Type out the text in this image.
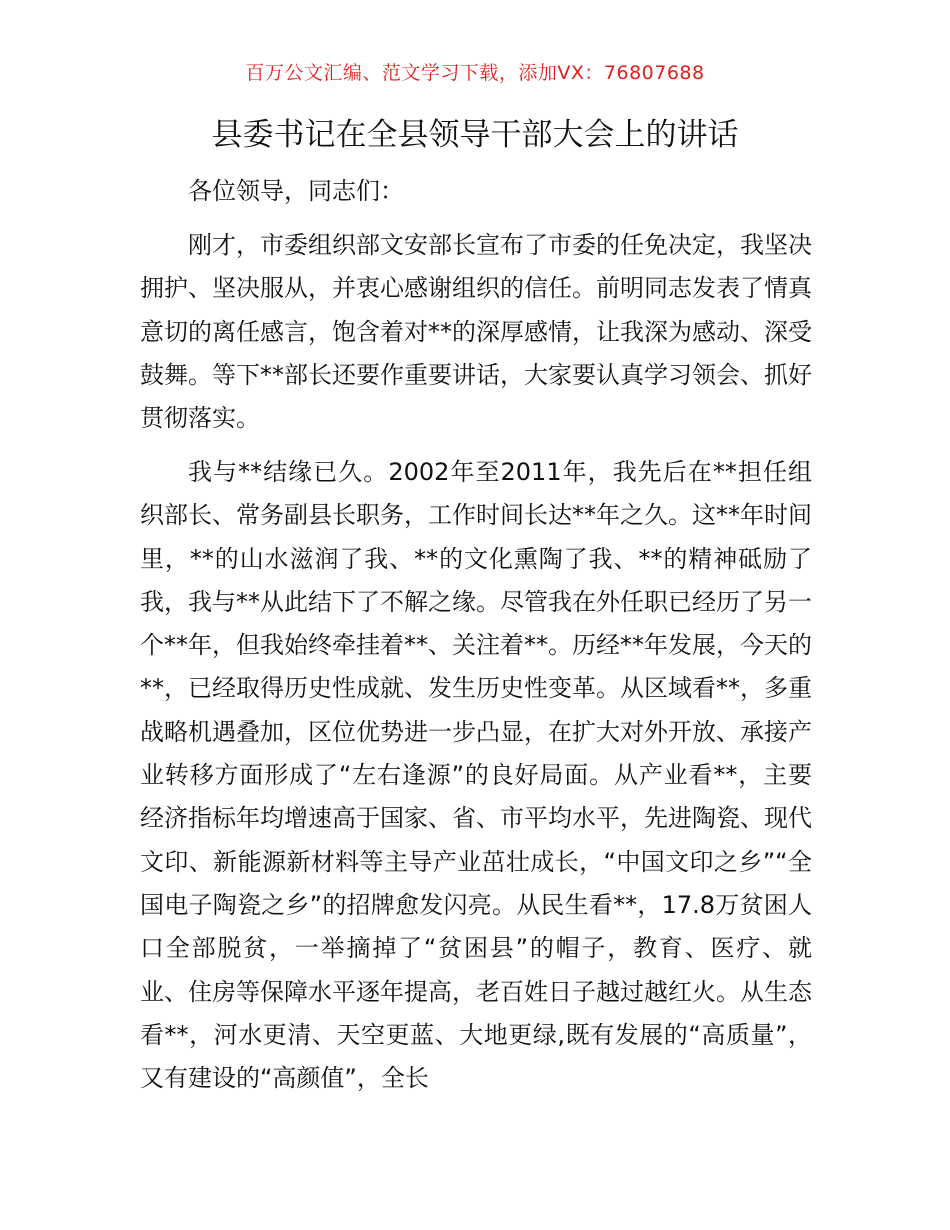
百万公文汇编、范文学习下载，添加VX：76807688
县委书记在全县领导干部大会上的讲话

各位领导，同志们：

刚才，市委组织部文安部长宣布了市委的任免决定，我坚决拥护、坚决服从，并衷心感谢组织的信任。前明同志发表了情真意切的离任感言，饱含着对**的深厚感情，让我深为感动、深受鼓舞。等下**部长还要作重要讲话，大家要认真学习领会、抓好贯彻落实。

我与**结缘已久。2002年至2011年，我先后在**担任组织部长、常务副县长职务，工作时间长达**年之久。这**年时间里，**的山水滋润了我、**的文化熏陶了我、**的精神砥励了我，我与**从此结下了不解之缘。尽管我在外任职已经历了另一个**年，但我始终牵挂着**、关注着**。历经**年发展，今天的**，已经取得历史性成就、发生历史性变革。从区域看**，多重战略机遇叠加，区位优势进一步凸显，在扩大对外开放、承接产业转移方面形成了“左右逢源”的良好局面。从产业看**，主要经济指标年均增速高于国家、省、市平均水平，先进陶瓷、现代文印、新能源新材料等主导产业茁壮成长，“中国文印之乡”“全国电子陶瓷之乡”的招牌愈发闪亮。从民生看**，17.8万贫困人口全部脱贫，一举摘掉了“贫困县”的帽子，教育、医疗、就业、住房等保障水平逐年提高，老百姓日子越过越红火。从生态看**，河水更清、天空更蓝、大地更绿,既有发展的“高质量”，又有建设的“高颜值”，全长
